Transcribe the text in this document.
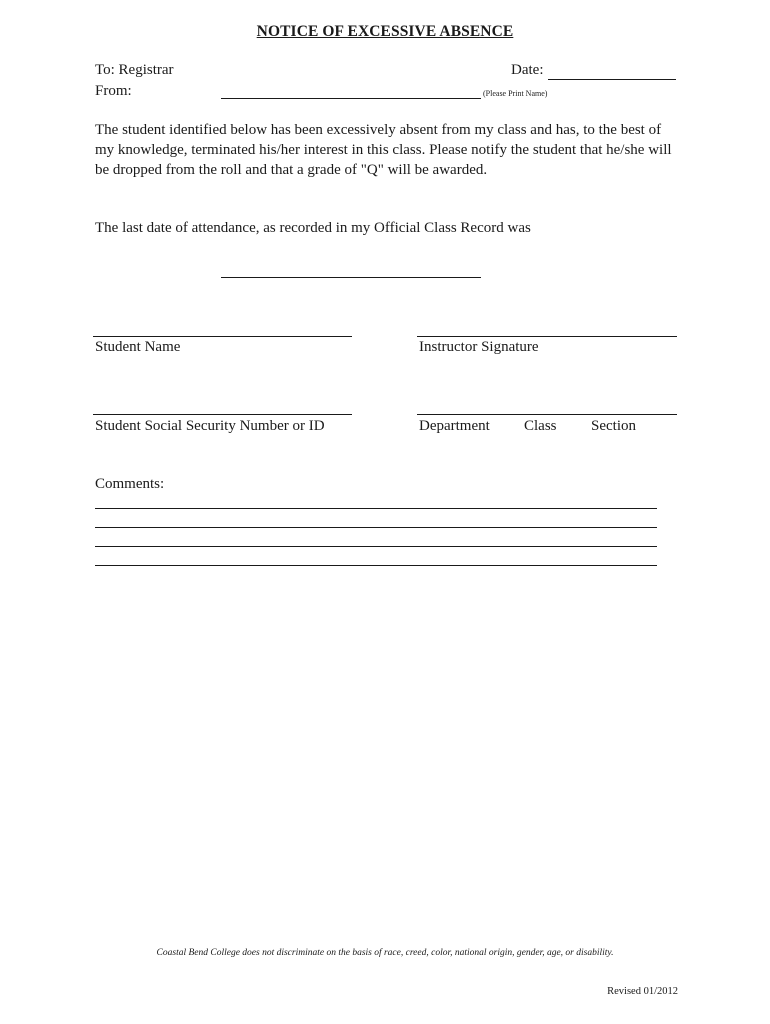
NOTICE OF EXCESSIVE ABSENCE
To: Registrar	Date:
From:	(Please Print Name)
The student identified below has been excessively absent from my class and has, to the best of my knowledge, terminated his/her interest in this class. Please notify the student that he/she will be dropped from the roll and that a grade of "Q" will be awarded.
The last date of attendance, as recorded in my Official Class Record was
Student Name	Instructor Signature
Student Social Security Number or ID	Department Class Section
Comments:
Coastal Bend College does not discriminate on the basis of race, creed, color, national origin, gender, age, or disability.
Revised 01/2012
